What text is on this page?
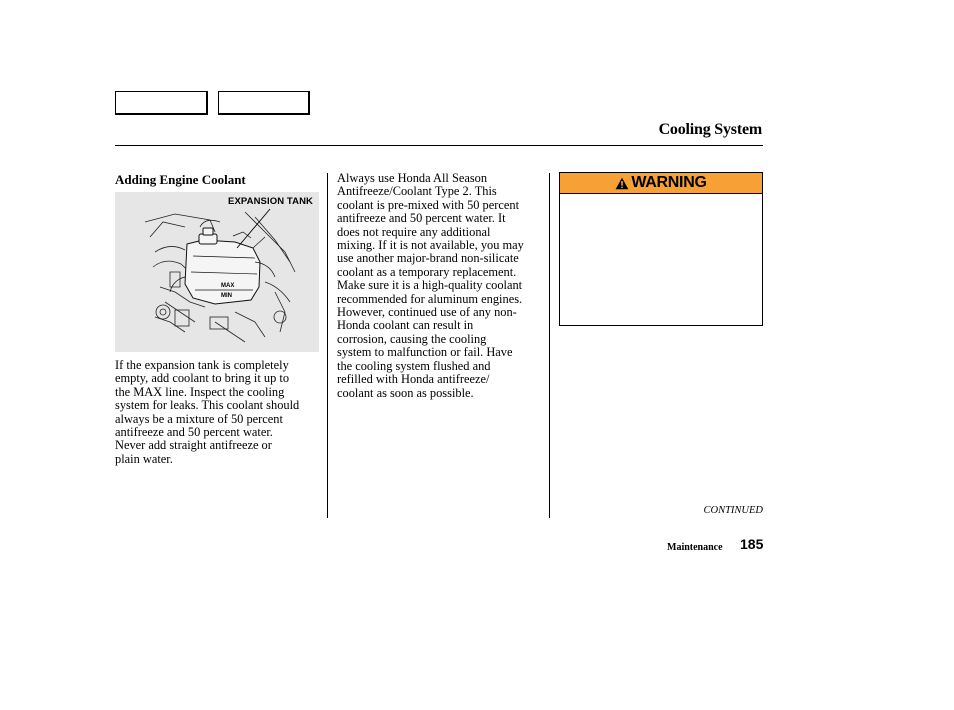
Cooling System
Adding Engine Coolant
MAX
MIN
EXPANSION TANK
If the expansion tank is completely
empty, add coolant to bring it up to
the MAX line. Inspect the cooling
system for leaks. This coolant should
always be a mixture of 50 percent
antifreeze and 50 percent water.
Never add straight antifreeze or
plain water.
Always use Honda All Season
Antifreeze/Coolant Type 2. This
coolant is pre-mixed with 50 percent
antifreeze and 50 percent water. It
does not require any additional
mixing. If it is not available, you may
use another major-brand non-silicate
coolant as a temporary replacement.
Make sure it is a high-quality coolant
recommended for aluminum engines.
However, continued use of any non-
Honda coolant can result in
corrosion, causing the cooling
system to malfunction or fail. Have
the cooling system flushed and
refilled with Honda antifreeze/
coolant as soon as possible.
WARNING
CONTINUED
Maintenance 185
